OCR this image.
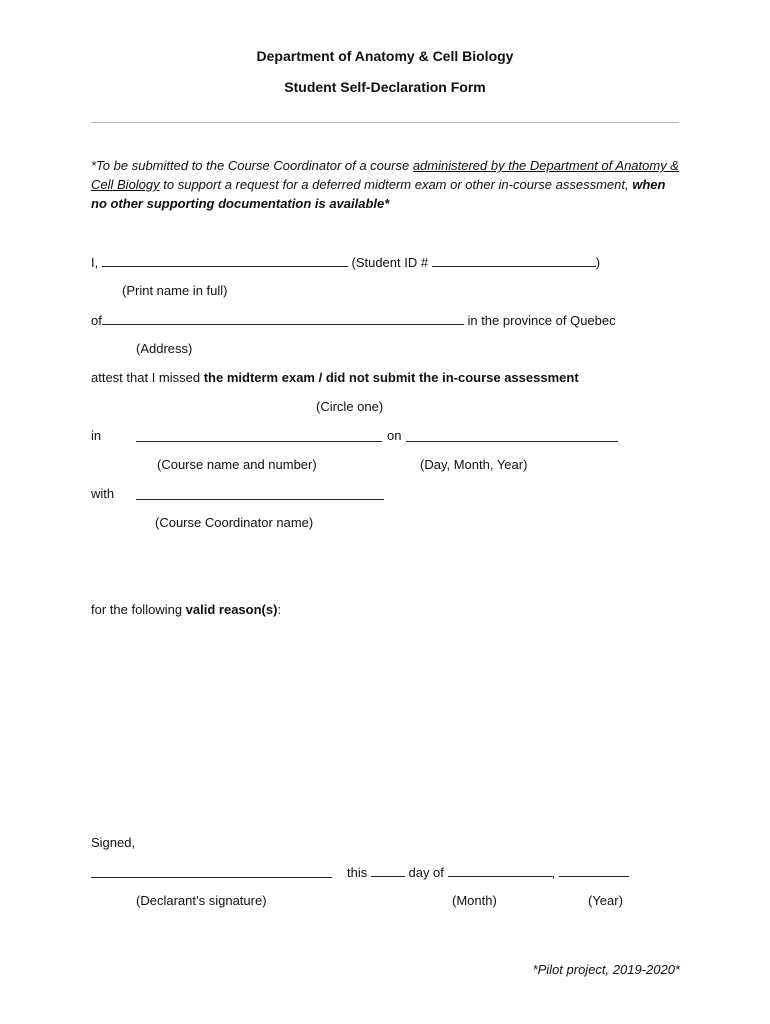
Department of Anatomy & Cell Biology
Student Self-Declaration Form
*To be submitted to the Course Coordinator of a course administered by the Department of Anatomy &
Cell Biology to support a request for a deferred midterm exam or other in-course assessment, when no other supporting documentation is available*
I,	(Student ID #	)
(Print name in full)
of	in the province of Quebec
(Address)
attest that I missed the midterm exam / did not submit the in-course assessment
(Circle one)
in	on
(Course name and number)	(Day, Month, Year)
with
(Course Coordinator name)
for the following valid reason(s):
Signed,
this	day of	,
(Declarant’s signature)	(Month)	(Year)
*Pilot project, 2019-2020*
